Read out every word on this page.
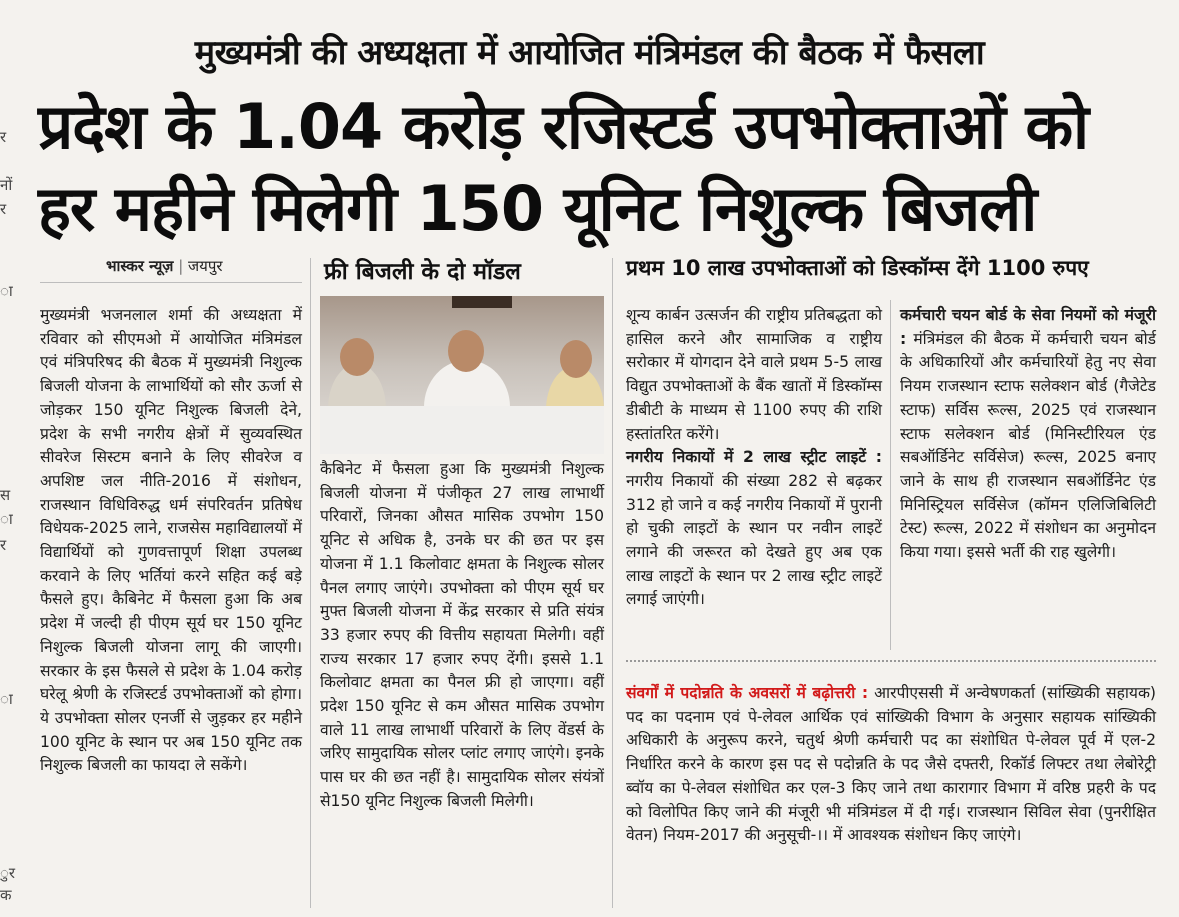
र
नों
र
ा
स
ा
र
ा
ुर
क
मुख्यमंत्री की अध्यक्षता में आयोजित मंत्रिमंडल की बैठक में फैसला
प्रदेश के 1.04 करोड़ रजिस्टर्ड उपभोक्ताओं को
हर महीने मिलेगी 150 यूनिट निशुल्क बिजली
भास्कर न्यूज़ | जयपुर

मुख्यमंत्री भजनलाल शर्मा की अध्यक्षता में रविवार को सीएमओ में आयोजित मंत्रिमंडल एवं मंत्रिपरिषद की बैठक में मुख्यमंत्री निशुल्क बिजली योजना के लाभार्थियों को सौर ऊर्जा से जोड़कर 150 यूनिट निशुल्क बिजली देने, प्रदेश के सभी नगरीय क्षेत्रों में सुव्यवस्थित सीवरेज सिस्टम बनाने के लिए सीवरेज व अपशिष्ट जल नीति-2016 में संशोधन, राजस्थान विधिविरुद्ध धर्म संपरिवर्तन प्रतिषेध विधेयक-2025 लाने, राजसेस महाविद्यालयों में विद्यार्थियों को गुणवत्तापूर्ण शिक्षा उपलब्ध करवाने के लिए भर्तियां करने सहित कई बड़े फैसले हुए। कैबिनेट में फैसला हुआ कि अब प्रदेश में जल्दी ही पीएम सूर्य घर 150 यूनिट निशुल्क बिजली योजना लागू की जाएगी। सरकार के इस फैसले से प्रदेश के 1.04 करोड़ घरेलू श्रेणी के रजिस्टर्ड उपभोक्ताओं को होगा। ये उपभोक्ता सोलर एनर्जी से जुड़कर हर महीने 100 यूनिट के स्थान पर अब 150 यूनिट तक निशुल्क बिजली का फायदा ले सकेंगे।

फ्री बिजली के दो मॉडल

कैबिनेट में फैसला हुआ कि मुख्यमंत्री निशुल्क बिजली योजना में पंजीकृत 27 लाख लाभार्थी परिवारों, जिनका औसत मासिक उपभोग 150 यूनिट से अधिक है, उनके घर की छत पर इस योजना में 1.1 किलोवाट क्षमता के निशुल्क सोलर पैनल लगाए जाएंगे। उपभोक्ता को पीएम सूर्य घर मुफ्त बिजली योजना में केंद्र सरकार से प्रति संयंत्र 33 हजार रुपए की वित्तीय सहायता मिलेगी। वहीं राज्य सरकार 17 हजार रुपए देंगी। इससे 1.1 किलोवाट क्षमता का पैनल फ्री हो जाएगा। वहीं प्रदेश 150 यूनिट से कम औसत मासिक उपभोग वाले 11 लाख लाभार्थी परिवारों के लिए वेंडर्स के जरिए सामुदायिक सोलर प्लांट लगाए जाएंगे। इनके पास घर की छत नहीं है। सामुदायिक सोलर संयंत्रों से150 यूनिट निशुल्क बिजली मिलेगी।

प्रथम 10 लाख उपभोक्ताओं को डिस्कॉम्स देंगे 1100 रुपए

शून्य कार्बन उत्सर्जन की राष्ट्रीय प्रतिबद्धता को हासिल करने और सामाजिक व राष्ट्रीय सरोकार में योगदान देने वाले प्रथम 5-5 लाख विद्युत उपभोक्ताओं के बैंक खातों में डिस्कॉम्स डीबीटी के माध्यम से 1100 रुपए की राशि हस्तांतरित करेंगे।

नगरीय निकायों में 2 लाख स्ट्रीट लाइटें : नगरीय निकायों की संख्या 282 से बढ़कर 312 हो जाने व कई नगरीय निकायों में पुरानी हो चुकी लाइटों के स्थान पर नवीन लाइटें लगाने की जरूरत को देखते हुए अब एक लाख लाइटों के स्थान पर 2 लाख स्ट्रीट लाइटें लगाई जाएंगी।

कर्मचारी चयन बोर्ड के सेवा नियमों को मंजूरी : मंत्रिमंडल की बैठक में कर्मचारी चयन बोर्ड के अधिकारियों और कर्मचारियों हेतु नए सेवा नियम राजस्थान स्टाफ सलेक्शन बोर्ड (गैजेटेड स्टाफ) सर्विस रूल्स, 2025 एवं राजस्थान स्टाफ सलेक्शन बोर्ड (मिनिस्टीरियल एंड सबऑर्डिनेट सर्विसेज) रूल्स, 2025 बनाए जाने के साथ ही राजस्थान सबऑर्डिनेट एंड मिनिस्ट्रियल सर्विसेज (कॉमन एलिजिबिलिटी टेस्ट) रूल्स, 2022 में संशोधन का अनुमोदन किया गया। इससे भर्ती की राह खुलेगी।

संवर्गों में पदोन्नति के अवसरों में बढ़ोत्तरी : आरपीएससी में अन्वेषणकर्ता (सांख्यिकी सहायक) पद का पदनाम एवं पे-लेवल आर्थिक एवं सांख्यिकी विभाग के अनुसार सहायक सांख्यिकी अधिकारी के अनुरूप करने, चतुर्थ श्रेणी कर्मचारी पद का संशोधित पे-लेवल पूर्व में एल-2 निर्धारित करने के कारण इस पद से पदोन्नति के पद जैसे दफ्तरी, रिकॉर्ड लिफ्टर तथा लेबोरेट्री ब्वॉय का पे-लेवल संशोधित कर एल-3 किए जाने तथा कारागार विभाग में वरिष्ठ प्रहरी के पद को विलोपित किए जाने की मंजूरी भी मंत्रिमंडल में दी गई। राजस्थान सिविल सेवा (पुनरीक्षित वेतन) नियम-2017 की अनुसूची-।। में आवश्यक संशोधन किए जाएंगे।
